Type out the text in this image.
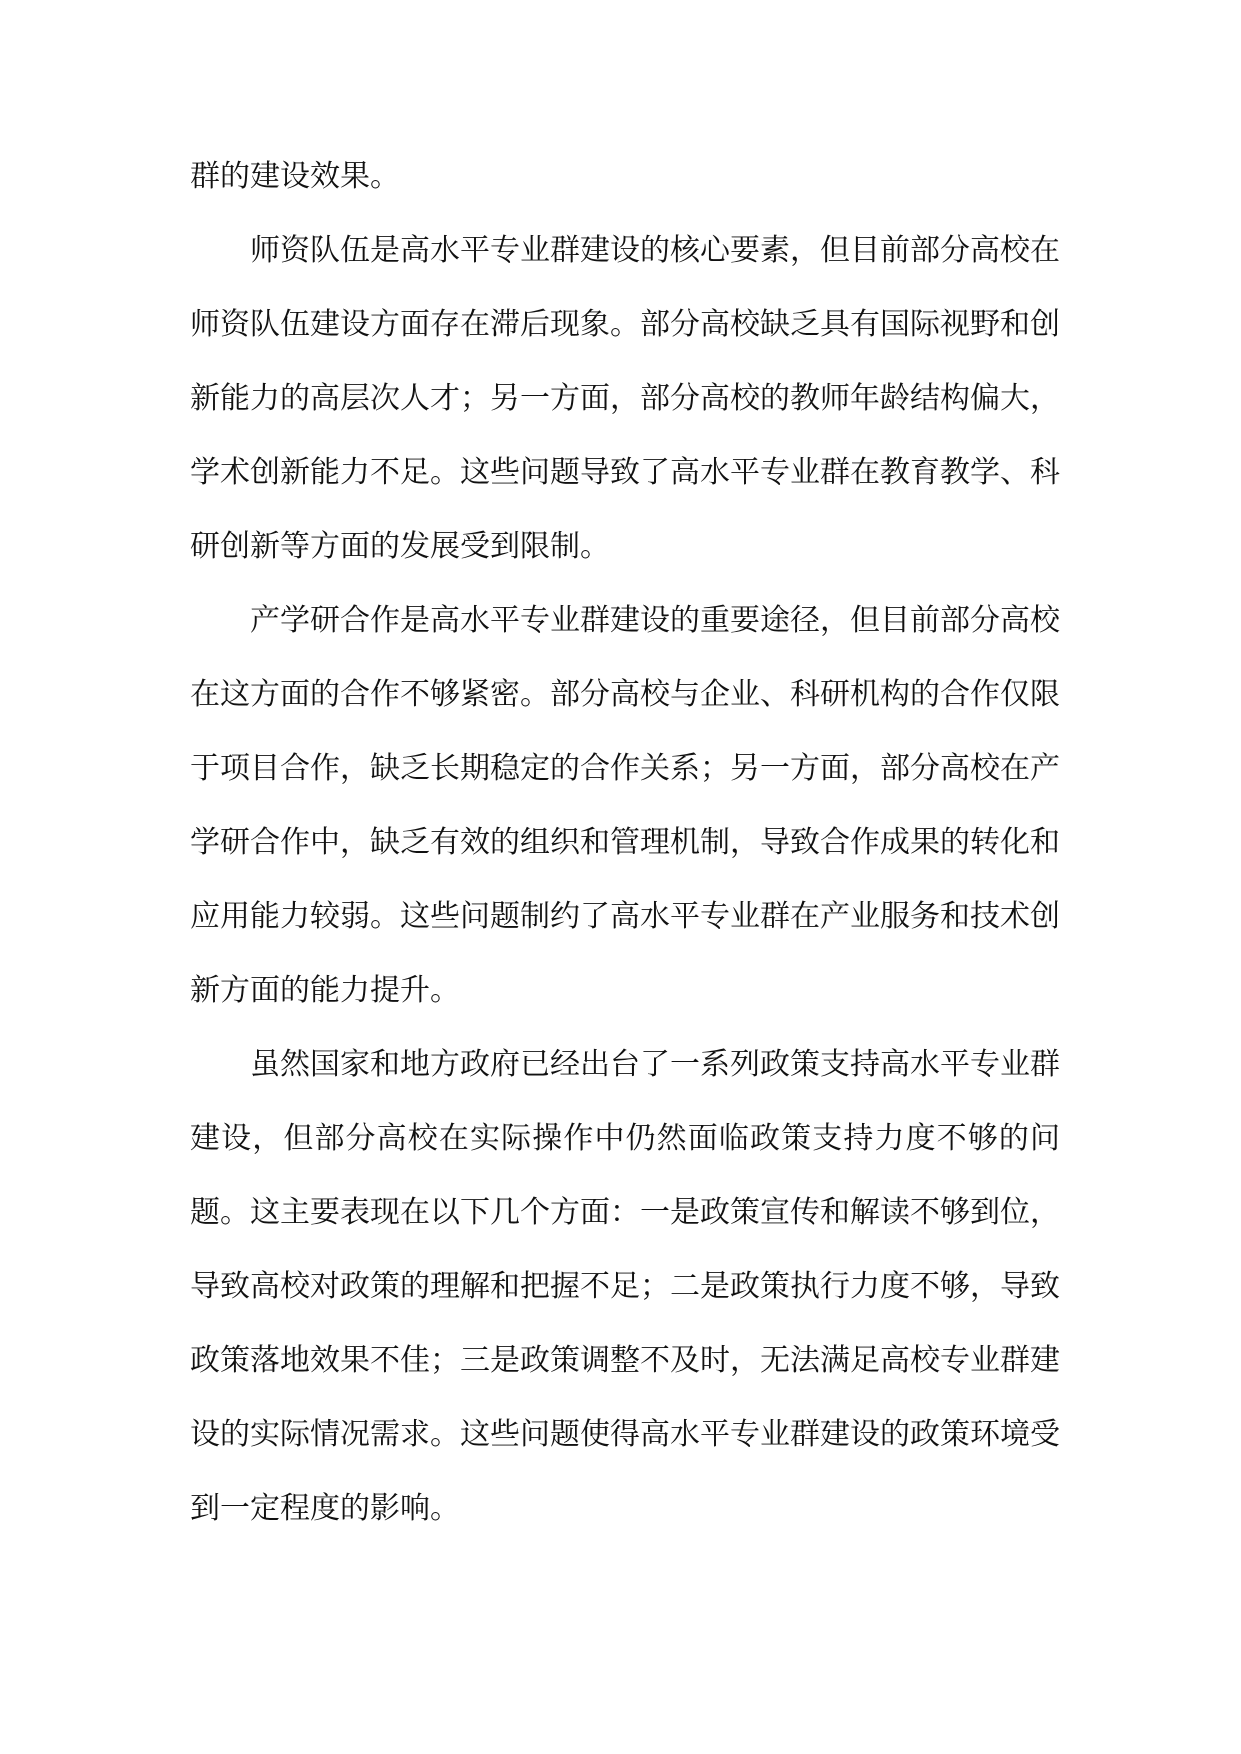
群的建设效果。

师资队伍是高水平专业群建设的核心要素，但目前部分高校在师资队伍建设方面存在滞后现象。部分高校缺乏具有国际视野和创新能力的高层次人才；另一方面，部分高校的教师年龄结构偏大，学术创新能力不足。这些问题导致了高水平专业群在教育教学、科研创新等方面的发展受到限制。

产学研合作是高水平专业群建设的重要途径，但目前部分高校在这方面的合作不够紧密。部分高校与企业、科研机构的合作仅限于项目合作，缺乏长期稳定的合作关系；另一方面，部分高校在产学研合作中，缺乏有效的组织和管理机制，导致合作成果的转化和应用能力较弱。这些问题制约了高水平专业群在产业服务和技术创新方面的能力提升。

虽然国家和地方政府已经出台了一系列政策支持高水平专业群建设，但部分高校在实际操作中仍然面临政策支持力度不够的问题。这主要表现在以下几个方面：一是政策宣传和解读不够到位，导致高校对政策的理解和把握不足；二是政策执行力度不够，导致政策落地效果不佳；三是政策调整不及时，无法满足高校专业群建设的实际情况需求。这些问题使得高水平专业群建设的政策环境受到一定程度的影响。
